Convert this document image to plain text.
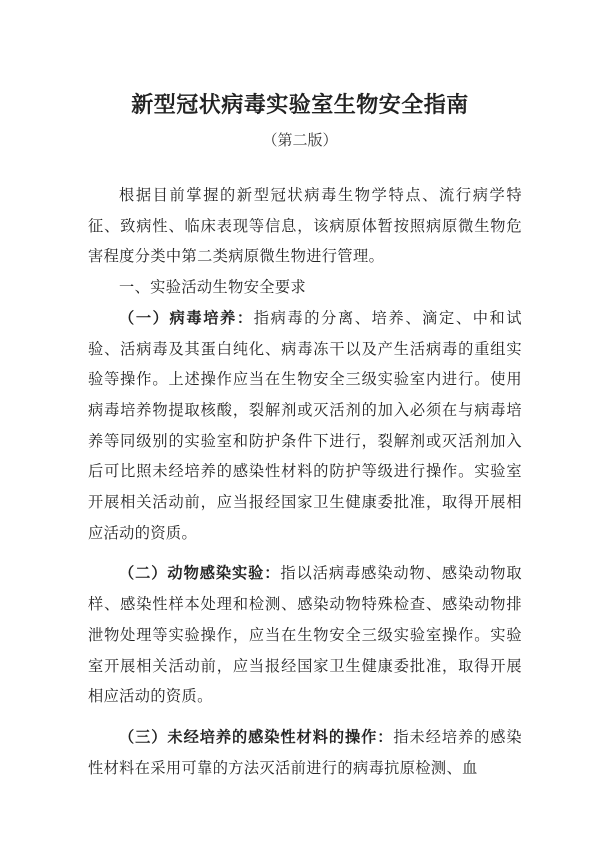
新型冠状病毒实验室生物安全指南
（第二版）

根据目前掌握的新型冠状病毒生物学特点、流行病学特征、致病性、临床表现等信息，该病原体暂按照病原微生物危害程度分类中第二类病原微生物进行管理。

一、实验活动生物安全要求

（一）病毒培养：指病毒的分离、培养、滴定、中和试验、活病毒及其蛋白纯化、病毒冻干以及产生活病毒的重组实验等操作。上述操作应当在生物安全三级实验室内进行。使用病毒培养物提取核酸，裂解剂或灭活剂的加入必须在与病毒培养等同级别的实验室和防护条件下进行，裂解剂或灭活剂加入后可比照未经培养的感染性材料的防护等级进行操作。实验室开展相关活动前，应当报经国家卫生健康委批准，取得开展相应活动的资质。

（二）动物感染实验：指以活病毒感染动物、感染动物取样、感染性样本处理和检测、感染动物特殊检查、感染动物排泄物处理等实验操作，应当在生物安全三级实验室操作。实验室开展相关活动前，应当报经国家卫生健康委批准，取得开展相应活动的资质。

（三）未经培养的感染性材料的操作：指未经培养的感染性材料在采用可靠的方法灭活前进行的病毒抗原检测、血
